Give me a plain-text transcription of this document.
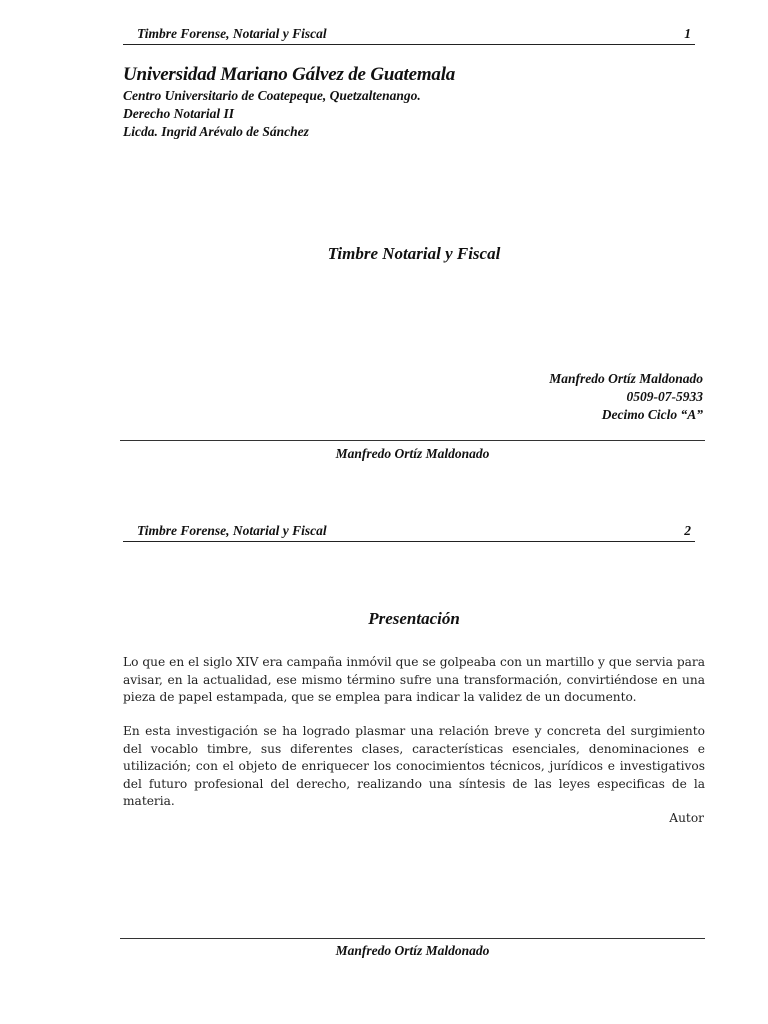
Timbre Forense, Notarial y Fiscal	1
Universidad Mariano Gálvez de Guatemala
Centro Universitario de Coatepeque, Quetzaltenango.
Derecho Notarial II
Licda. Ingrid Arévalo de Sánchez
Timbre Notarial y Fiscal
Manfredo Ortíz Maldonado
0509-07-5933
Decimo Ciclo “A”
Manfredo Ortíz Maldonado
Timbre Forense, Notarial y Fiscal	2
Presentación

Lo que en el siglo XIV era campaña inmóvil que se golpeaba con un martillo y que servia para avisar, en la actualidad, ese mismo término sufre una transformación, convirtiéndose en una pieza de papel estampada, que se emplea para indicar la validez de un documento.

En esta investigación se ha logrado plasmar una relación breve y concreta del surgimiento del vocablo timbre, sus diferentes clases, características esenciales, denominaciones e utilización; con el objeto de enriquecer los conocimientos técnicos, jurídicos e investigativos del futuro profesional del derecho, realizando una síntesis de las leyes especificas de la materia.

Autor
Manfredo Ortíz Maldonado
